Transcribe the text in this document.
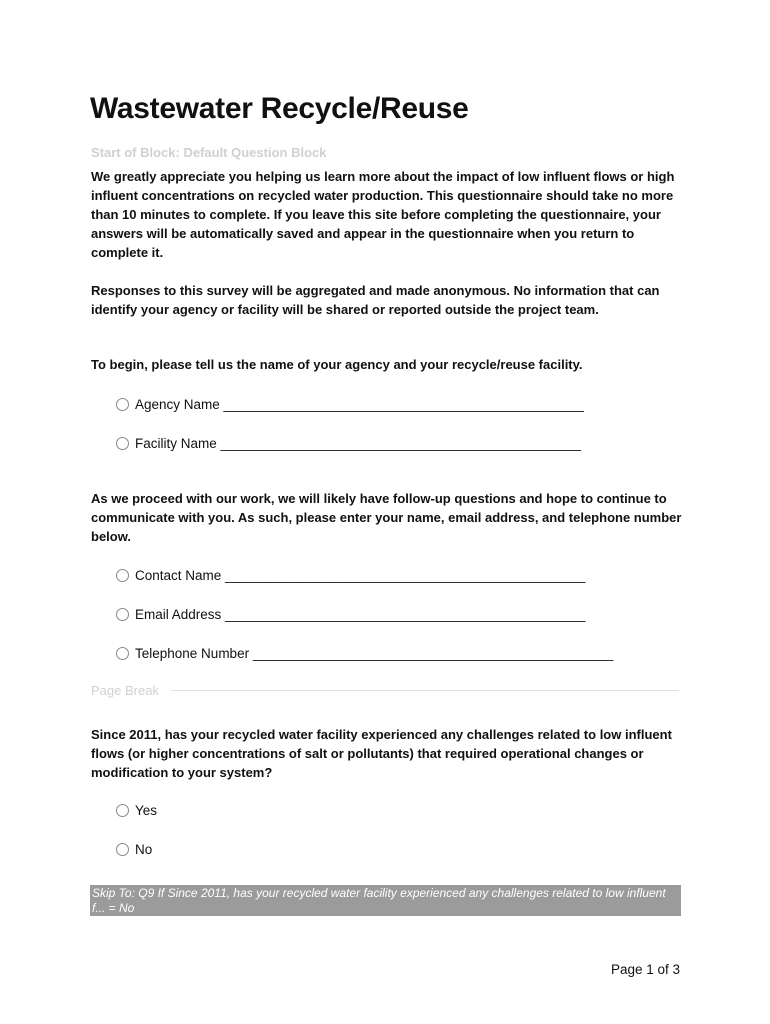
Wastewater Recycle/Reuse
Start of Block: Default Question Block

We greatly appreciate you helping us learn more about the impact of low influent flows or high influent concentrations on recycled water production. This questionnaire should take no more than 10 minutes to complete. If you leave this site before completing the questionnaire, your answers will be automatically saved and appear in the questionnaire when you return to complete it.

Responses to this survey will be aggregated and made anonymous. No information that can identify your agency or facility will be shared or reported outside the project team.

To begin, please tell us the name of your agency and your recycle/reuse facility.

Agency Name ________________________________________________
Facility Name ________________________________________________

As we proceed with our work, we will likely have follow-up questions and hope to continue to communicate with you. As such, please enter your name, email address, and telephone number below.

Contact Name ________________________________________________
Email Address ________________________________________________
Telephone Number ________________________________________________
Page Break

Since 2011, has your recycled water facility experienced any challenges related to low influent flows (or higher concentrations of salt or pollutants) that required operational changes or modification to your system?

Yes
No
Skip To: Q9 If Since 2011, has your recycled water facility experienced any challenges related to low influent f... = No
Page 1 of 3
